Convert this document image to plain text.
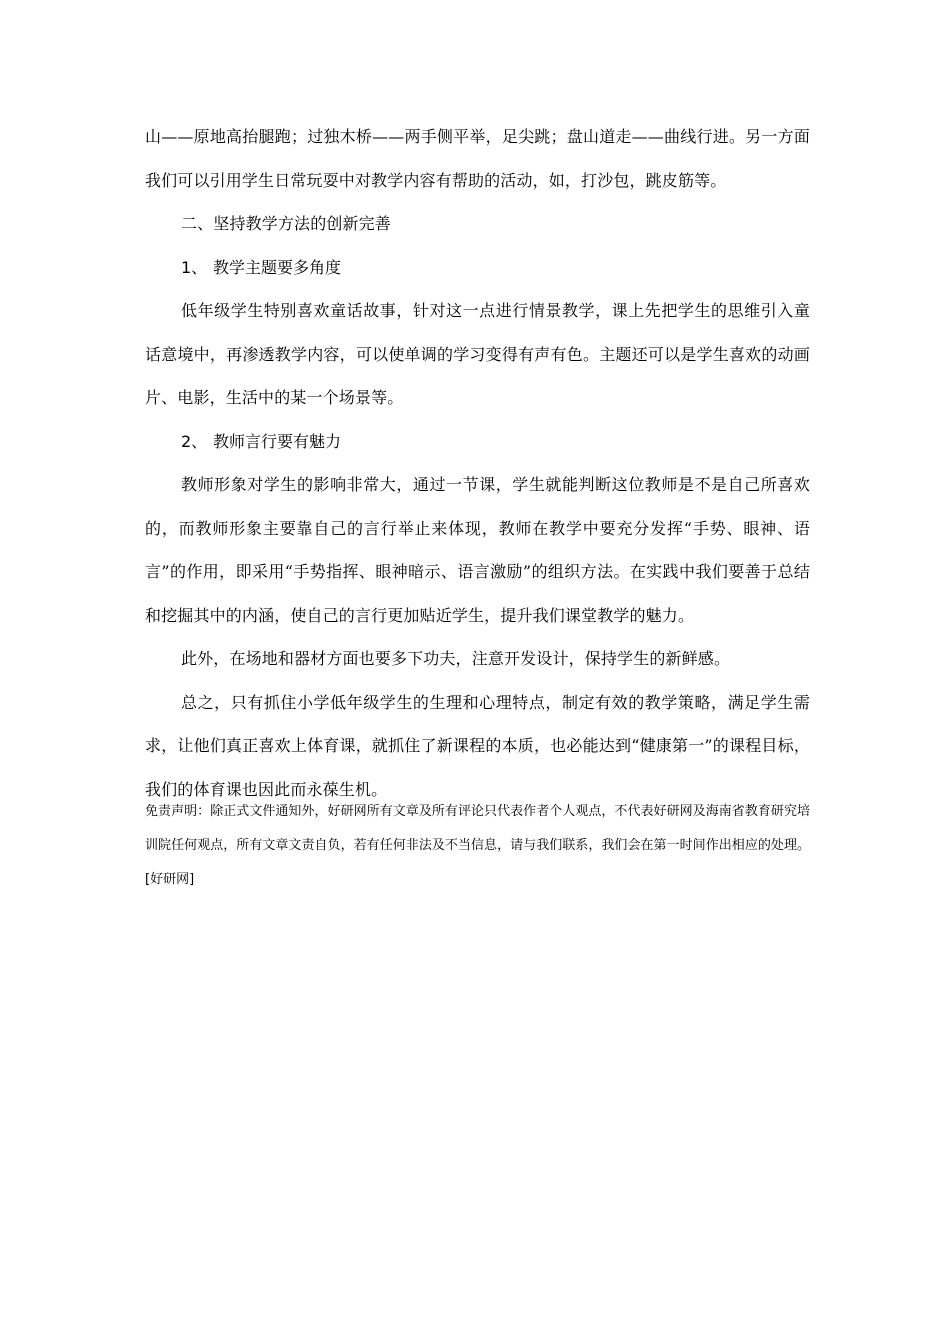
山——原地高抬腿跑；过独木桥——两手侧平举，足尖跳；盘山道走——曲线行进。另一方面我们可以引用学生日常玩耍中对教学内容有帮助的活动，如，打沙包，跳皮筋等。

二、坚持教学方法的创新完善

1、 教学主题要多角度

低年级学生特别喜欢童话故事，针对这一点进行情景教学，课上先把学生的思维引入童话意境中，再渗透教学内容，可以使单调的学习变得有声有色。主题还可以是学生喜欢的动画片、电影，生活中的某一个场景等。

2、 教师言行要有魅力

教师形象对学生的影响非常大，通过一节课，学生就能判断这位教师是不是自己所喜欢的，而教师形象主要靠自己的言行举止来体现，教师在教学中要充分发挥“手势、眼神、语言”的作用，即采用“手势指挥、眼神暗示、语言激励”的组织方法。在实践中我们要善于总结和挖掘其中的内涵，使自己的言行更加贴近学生，提升我们课堂教学的魅力。

此外，在场地和器材方面也要多下功夫，注意开发设计，保持学生的新鲜感。

总之，只有抓住小学低年级学生的生理和心理特点，制定有效的教学策略，满足学生需求，让他们真正喜欢上体育课，就抓住了新课程的本质，也必能达到“健康第一”的课程目标，我们的体育课也因此而永葆生机。

免责声明：除正式文件通知外，好研网所有文章及所有评论只代表作者个人观点，不代表好研网及海南省教育研究培训院任何观点，所有文章文责自负，若有任何非法及不当信息，请与我们联系，我们会在第一时间作出相应的处理。[好研网]
